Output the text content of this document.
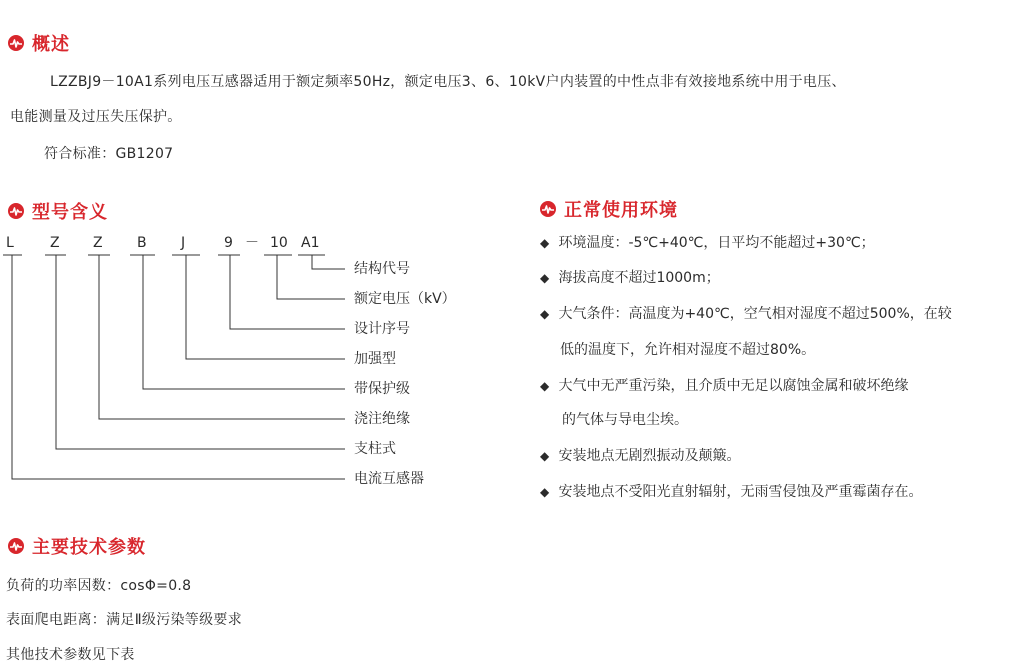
概述
LZZBJ9－10A1系列电压互感器适用于额定频率50Hz，额定电压3、6、10kV户内装置的中性点非有效接地系统中用于电压、
电能测量及过压失压保护。
符合标准：GB1207
型号含义
L	Z Z B J	9 － 10 A1
结构代号
额定电压（kV）
设计序号
加强型
带保护级
浇注绝缘
支柱式
电流互感器
正常使用环境
◆ 环境温度：-5℃+40℃，日平均不能超过+30℃；
◆ 海拔高度不超过1000m；
◆ 大气条件：高温度为+40℃，空气相对湿度不超过500%，在较
低的温度下，允许相对湿度不超过80%。
◆ 大气中无严重污染，且介质中无足以腐蚀金属和破坏绝缘
的气体与导电尘埃。
◆ 安装地点无剧烈振动及颠簸。
◆ 安装地点不受阳光直射辐射，无雨雪侵蚀及严重霉菌存在。
主要技术参数
负荷的功率因数：cosΦ=0.8
表面爬电距离：满足Ⅱ级污染等级要求
其他技术参数见下表
